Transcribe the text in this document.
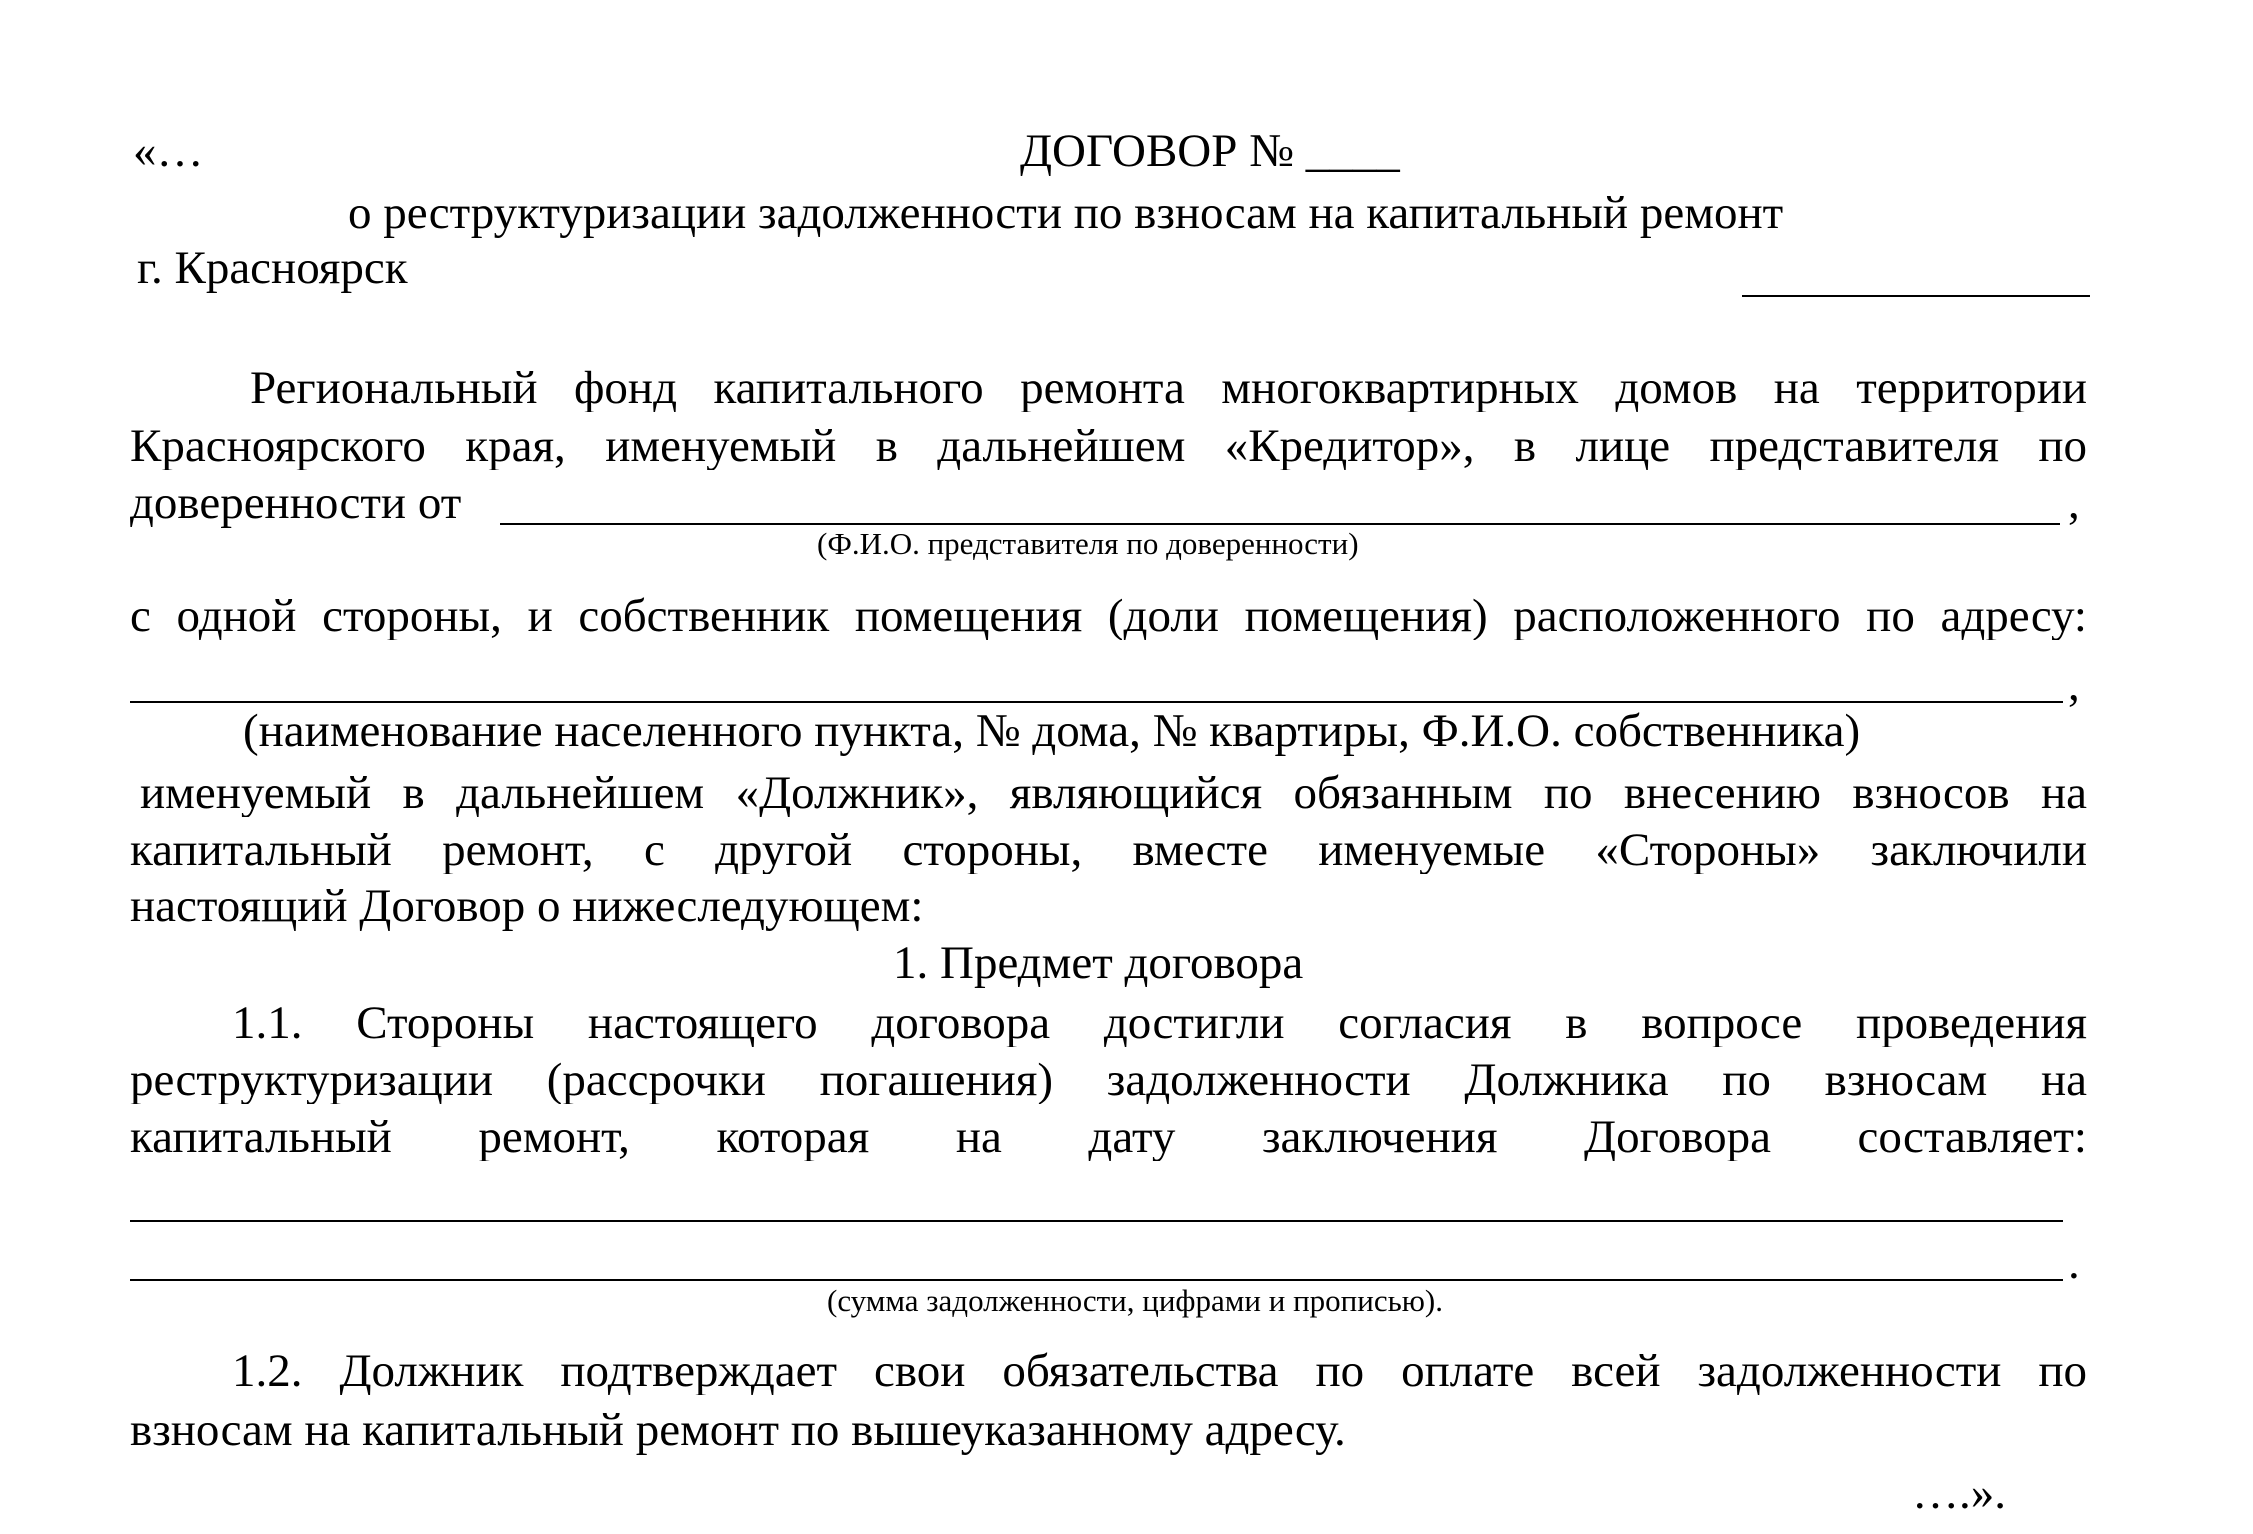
«…	ДОГОВОР № ____
о реструктуризации задолженности по взносам на капитальный ремонт
г. Красноярск
Региональный фонд капитального ремонта многоквартирных домов на территории
Красноярского края, именуемый в дальнейшем «Кредитор», в лице представителя по
доверенности от	,
(Ф.И.О. представителя по доверенности)
с одной стороны, и собственник помещения (доли помещения) расположенного по адресу:
,
(наименование населенного пункта, № дома, № квартиры, Ф.И.О. собственника)
именуемый в дальнейшем «Должник», являющийся обязанным по внесению взносов на
капитальный ремонт, с другой стороны, вместе именуемые «Стороны» заключили
настоящий Договор о нижеследующем:
1. Предмет договора
1.1. Стороны настоящего договора достигли согласия в вопросе проведения
реструктуризации (рассрочки погашения) задолженности Должника по взносам на
капитальный ремонт, которая на дату заключения Договора составляет:
.
(сумма задолженности, цифрами и прописью).
1.2. Должник подтверждает свои обязательства по оплате всей задолженности по
взносам на капитальный ремонт по вышеуказанному адресу.
….».
